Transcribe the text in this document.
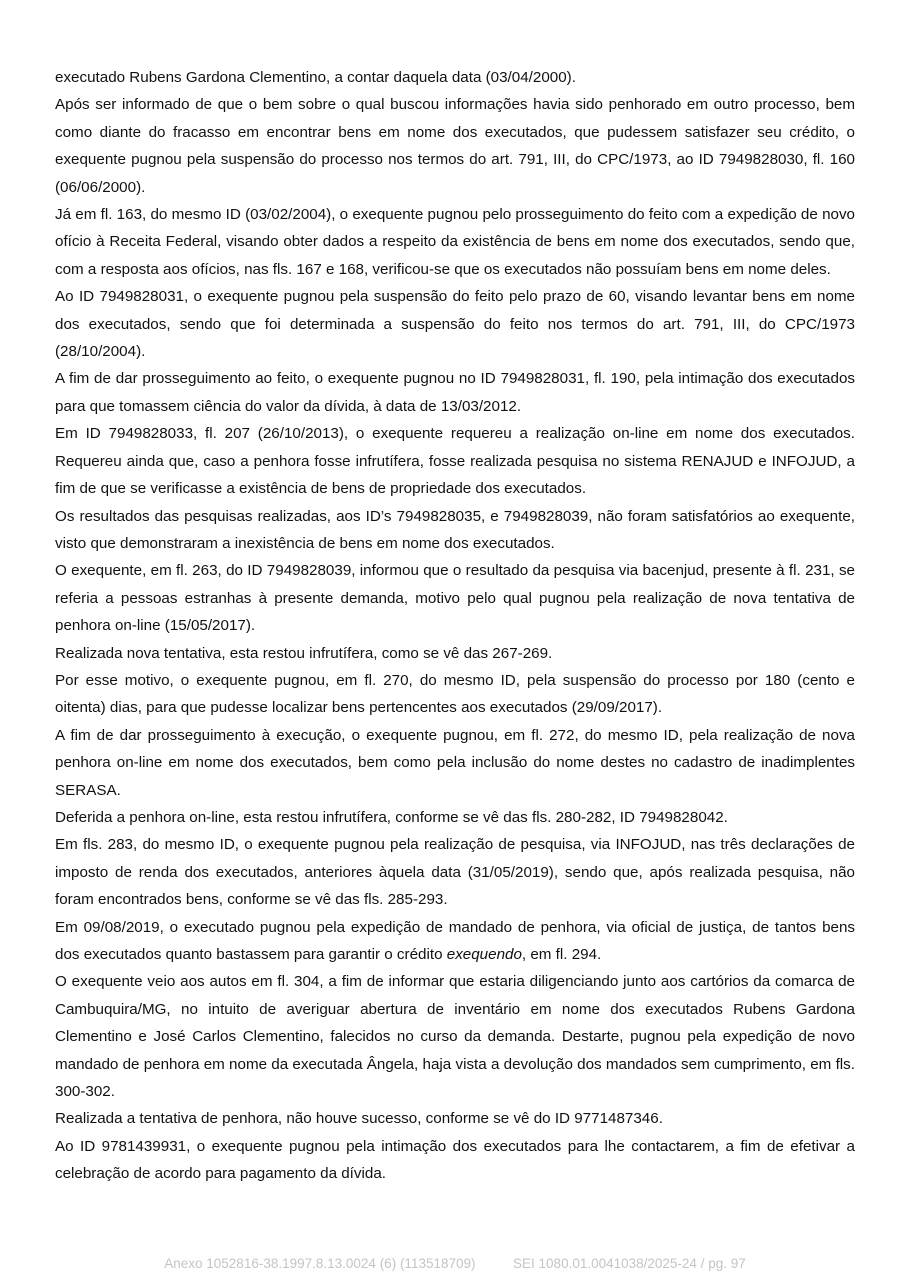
executado Rubens Gardona Clementino, a contar daquela data (03/04/2000).

Após ser informado de que o bem sobre o qual buscou informações havia sido penhorado em outro processo, bem como diante do fracasso em encontrar bens em nome dos executados, que pudessem satisfazer seu crédito, o exequente pugnou pela suspensão do processo nos termos do art. 791, III, do CPC/1973, ao ID 7949828030, fl. 160 (06/06/2000).

Já em fl. 163, do mesmo ID (03/02/2004), o exequente pugnou pelo prosseguimento do feito com a expedição de novo ofício à Receita Federal, visando obter dados a respeito da existência de bens em nome dos executados, sendo que, com a resposta aos ofícios, nas fls. 167 e 168, verificou-se que os executados não possuíam bens em nome deles.

Ao ID 7949828031, o exequente pugnou pela suspensão do feito pelo prazo de 60, visando levantar bens em nome dos executados, sendo que foi determinada a suspensão do feito nos termos do art. 791, III, do CPC/1973 (28/10/2004).

A fim de dar prosseguimento ao feito, o exequente pugnou no ID 7949828031, fl. 190, pela intimação dos executados para que tomassem ciência do valor da dívida, à data de 13/03/2012.

Em ID 7949828033, fl. 207 (26/10/2013), o exequente requereu a realização on-line em nome dos executados. Requereu ainda que, caso a penhora fosse infrutífera, fosse realizada pesquisa no sistema RENAJUD e INFOJUD, a fim de que se verificasse a existência de bens de propriedade dos executados.

Os resultados das pesquisas realizadas, aos ID’s 7949828035, e 7949828039, não foram satisfatórios ao exequente, visto que demonstraram a inexistência de bens em nome dos executados.

O exequente, em fl. 263, do ID 7949828039, informou que o resultado da pesquisa via bacenjud, presente à fl. 231, se referia a pessoas estranhas à presente demanda, motivo pelo qual pugnou pela realização de nova tentativa de penhora on-line (15/05/2017).

Realizada nova tentativa, esta restou infrutífera, como se vê das 267-269.

Por esse motivo, o exequente pugnou, em fl. 270, do mesmo ID, pela suspensão do processo por 180 (cento e oitenta) dias, para que pudesse localizar bens pertencentes aos executados (29/09/2017).

A fim de dar prosseguimento à execução, o exequente pugnou, em fl. 272, do mesmo ID, pela realização de nova penhora on-line em nome dos executados, bem como pela inclusão do nome destes no cadastro de inadimplentes SERASA.

Deferida a penhora on-line, esta restou infrutífera, conforme se vê das fls. 280-282, ID 7949828042.

Em fls. 283, do mesmo ID, o exequente pugnou pela realização de pesquisa, via INFOJUD, nas três declarações de imposto de renda dos executados, anteriores àquela data (31/05/2019), sendo que, após realizada pesquisa, não foram encontrados bens, conforme se vê das fls. 285-293.

Em 09/08/2019, o executado pugnou pela expedição de mandado de penhora, via oficial de justiça, de tantos bens dos executados quanto bastassem para garantir o crédito exequendo, em fl. 294.

O exequente veio aos autos em fl. 304, a fim de informar que estaria diligenciando junto aos cartórios da comarca de Cambuquira/MG, no intuito de averiguar abertura de inventário em nome dos executados Rubens Gardona Clementino e José Carlos Clementino, falecidos no curso da demanda. Destarte, pugnou pela expedição de novo mandado de penhora em nome da executada Ângela, haja vista a devolução dos mandados sem cumprimento, em fls. 300-302.

Realizada a tentativa de penhora, não houve sucesso, conforme se vê do ID 9771487346.

Ao ID 9781439931, o exequente pugnou pela intimação dos executados para lhe contactarem, a fim de efetivar a celebração de acordo para pagamento da dívida.

Anexo 1052816-38.1997.8.13.0024 (6) (113518709)	SEI 1080.01.0041038/2025-24 / pg. 97
